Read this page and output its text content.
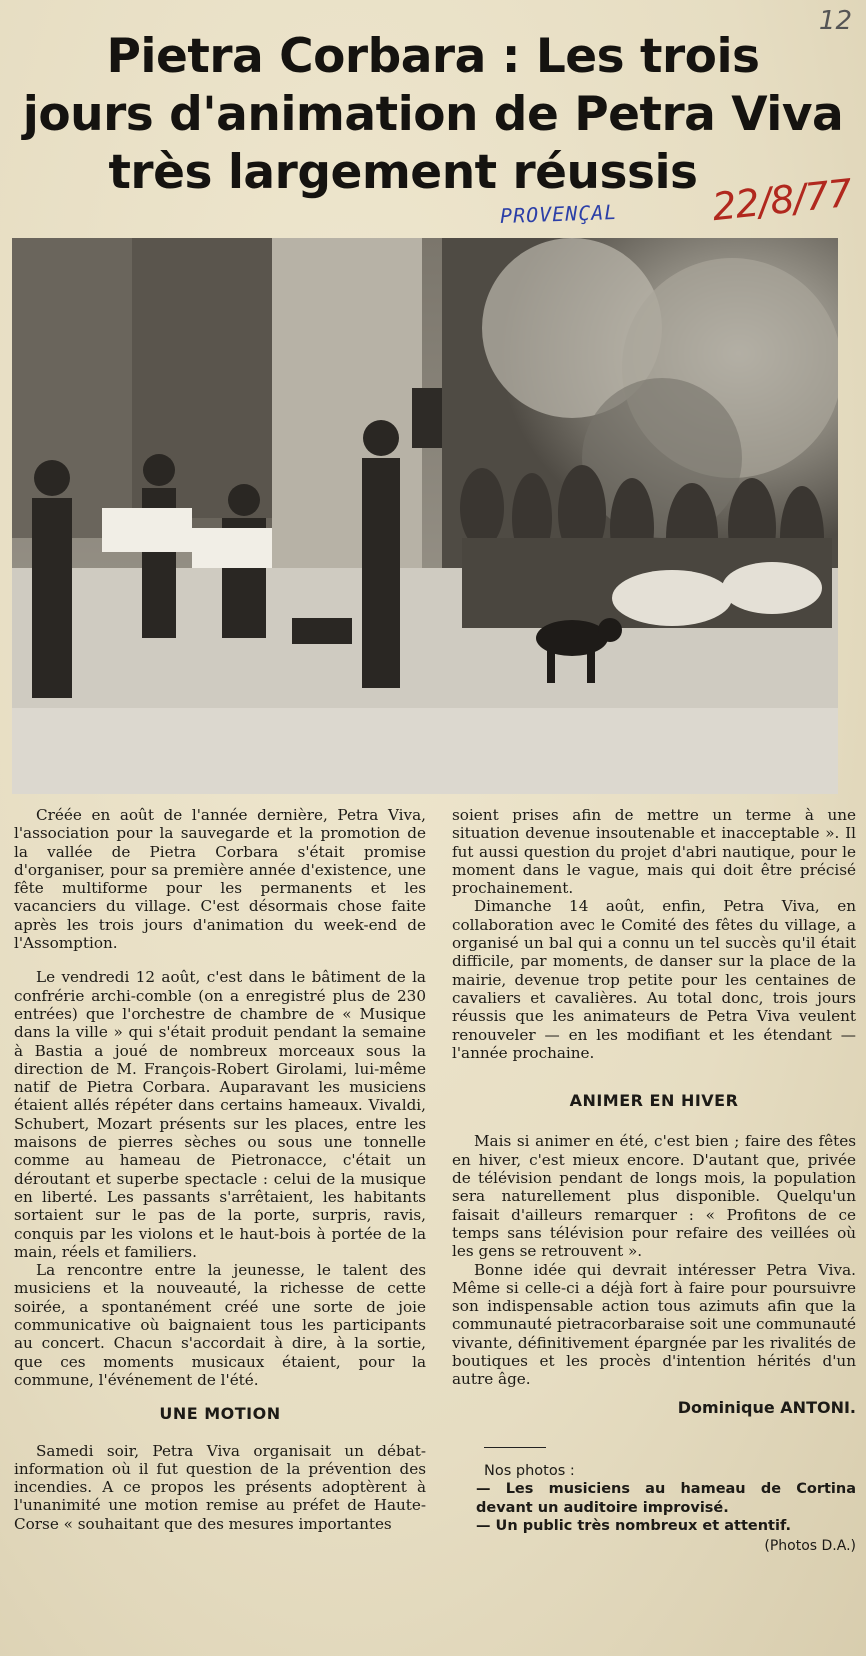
12
Pietra Corbara : Les trois
jours d'animation de Petra Viva
très largement réussis
PROVENÇAL 22/8/77

Créée en août de l'année dernière, Petra Viva, l'association pour la sauvegarde et la promotion de la vallée de Pietra Corbara s'était promise d'organiser, pour sa première année d'existence, une fête multiforme pour les permanents et les vacanciers du village. C'est désormais chose faite après les trois jours d'animation du week-end de l'Assomption.

Le vendredi 12 août, c'est dans le bâtiment de la confrérie archi-comble (on a enregistré plus de 230 entrées) que l'orchestre de chambre de « Musique dans la ville » qui s'était produit pendant la semaine à Bastia a joué de nombreux morceaux sous la direction de M. François-Robert Girolami, lui-même natif de Pietra Corbara. Auparavant les musiciens étaient allés répéter dans certains hameaux. Vivaldi, Schubert, Mozart présents sur les places, entre les maisons de pierres sèches ou sous une tonnelle comme au hameau de Pietronacce, c'était un déroutant et superbe spectacle : celui de la musique en liberté. Les passants s'arrêtaient, les habitants sortaient sur le pas de la porte, surpris, ravis, conquis par les violons et le haut-bois à portée de la main, réels et familiers.

La rencontre entre la jeunesse, le talent des musiciens et la nouveauté, la richesse de cette soirée, a spontanément créé une sorte de joie communicative où baignaient tous les participants au concert. Chacun s'accordait à dire, à la sortie, que ces moments musicaux étaient, pour la commune, l'événement de l'été.

UNE MOTION

Samedi soir, Petra Viva organisait un débat-information où il fut question de la prévention des incendies. A ce propos les présents adoptèrent à l'unanimité une motion remise au préfet de Haute-Corse « souhaitant que des mesures importantes

soient prises afin de mettre un terme à une situation devenue insoutenable et inacceptable ». Il fut aussi question du projet d'abri nautique, pour le moment dans le vague, mais qui doit être précisé prochainement.

Dimanche 14 août, enfin, Petra Viva, en collaboration avec le Comité des fêtes du village, a organisé un bal qui a connu un tel succès qu'il était difficile, par moments, de danser sur la place de la mairie, devenue trop petite pour les centaines de cavaliers et cavalières. Au total donc, trois jours réussis que les animateurs de Petra Viva veulent renouveler — en les modifiant et les étendant — l'année prochaine.

ANIMER EN HIVER

Mais si animer en été, c'est bien ; faire des fêtes en hiver, c'est mieux encore. D'autant que, privée de télévision pendant de longs mois, la population sera naturellement plus disponible. Quelqu'un faisait d'ailleurs remarquer : « Profitons de ce temps sans télévision pour refaire des veillées où les gens se retrouvent ».

Bonne idée qui devrait intéresser Petra Viva. Même si celle-ci a déjà fort à faire pour poursuivre son indispensable action tous azimuts afin que la communauté pietracorbaraise soit une communauté vivante, définitivement épargnée par les rivalités de boutiques et les procès d'intention hérités d'un autre âge.

Dominique ANTONI.
Nos photos :

— Les musiciens au hameau de Cortina devant un auditoire improvisé.

— Un public très nombreux et attentif.

(Photos D.A.)
